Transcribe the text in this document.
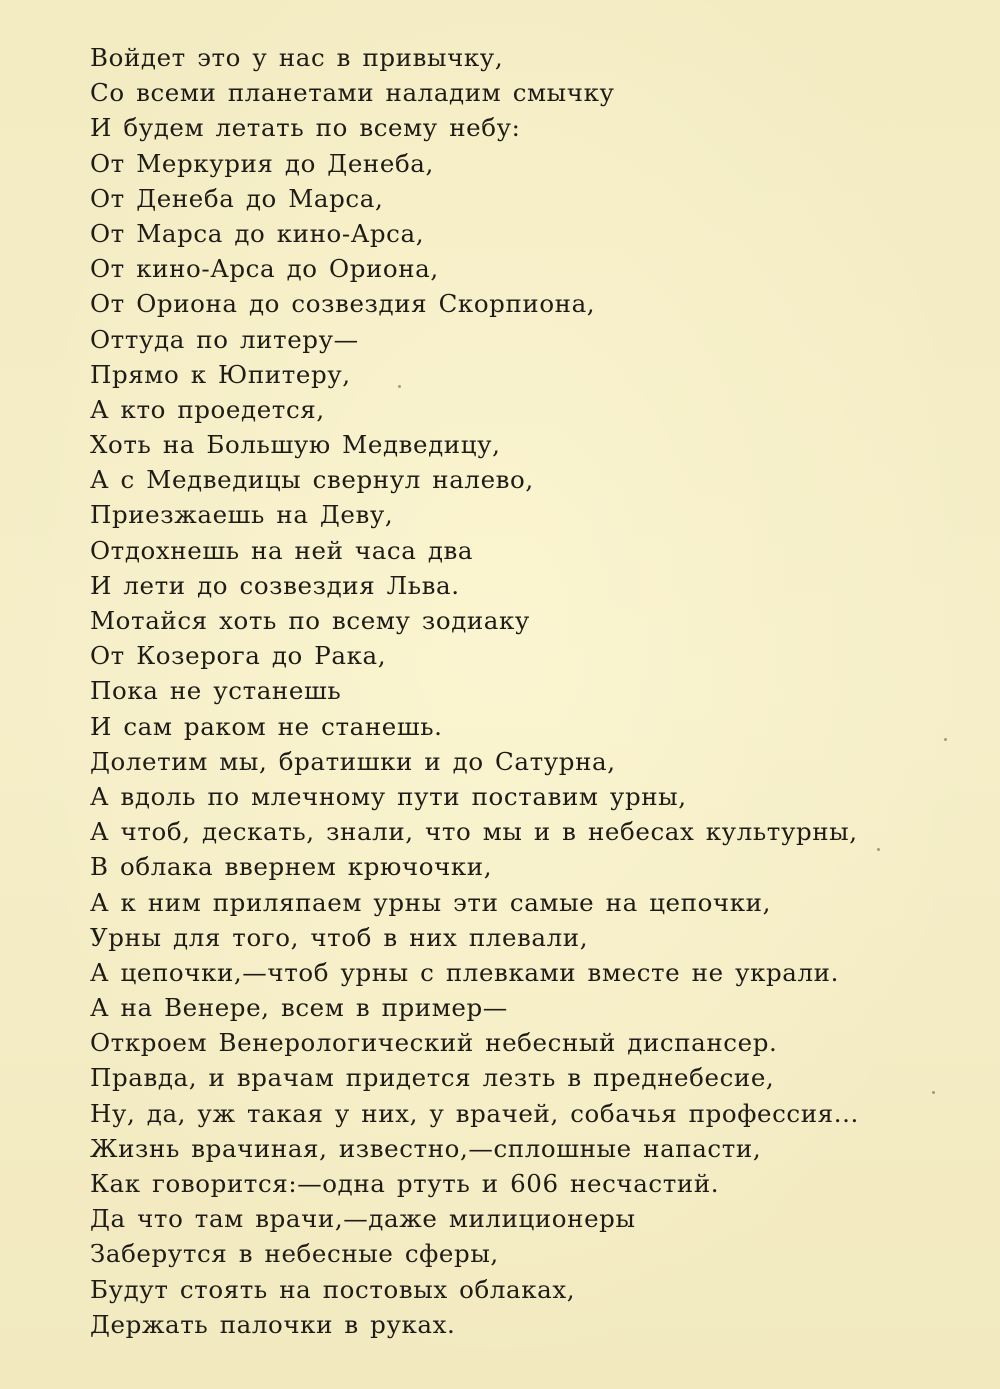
Войдет это у нас в привычку,
Со всеми планетами наладим смычку
И будем летать по всему небу:
От Меркурия до Денеба,
От Денеба до Марса,
От Марса до кино-Арса,
От кино-Арса до Ориона,
От Ориона до созвездия Скорпиона,
Оттуда по литеру—
Прямо к Юпитеру,
А кто проедется,
Хоть на Большую Медведицу,
А с Медведицы свернул налево,
Приезжаешь на Деву,
Отдохнешь на ней часа два
И лети до созвездия Льва.
Мотайся хоть по всему зодиаку
От Козерога до Рака,
Пока не устанешь
И сам раком не станешь.
Долетим мы, братишки и до Сатурна,
А вдоль по млечному пути поставим урны,
А чтоб, дескать, знали, что мы и в небесах культурны,
В облака ввернем крючочки,
А к ним приляпаем урны эти самые на цепочки,
Урны для того, чтоб в них плевали,
А цепочки,—чтоб урны с плевками вместе не украли.
А на Венере, всем в пример—
Откроем Венерологический небесный диспансер.
Правда, и врачам придется лезть в преднебесие,
Ну, да, уж такая у них, у врачей, собачья профессия...
Жизнь врачиная, известно,—сплошные напасти,
Как говорится:—одна ртуть и 606 несчастий.
Да что там врачи,—даже милиционеры
Заберутся в небесные сферы,
Будут стоять на постовых облаках,
Держать палочки в руках.
